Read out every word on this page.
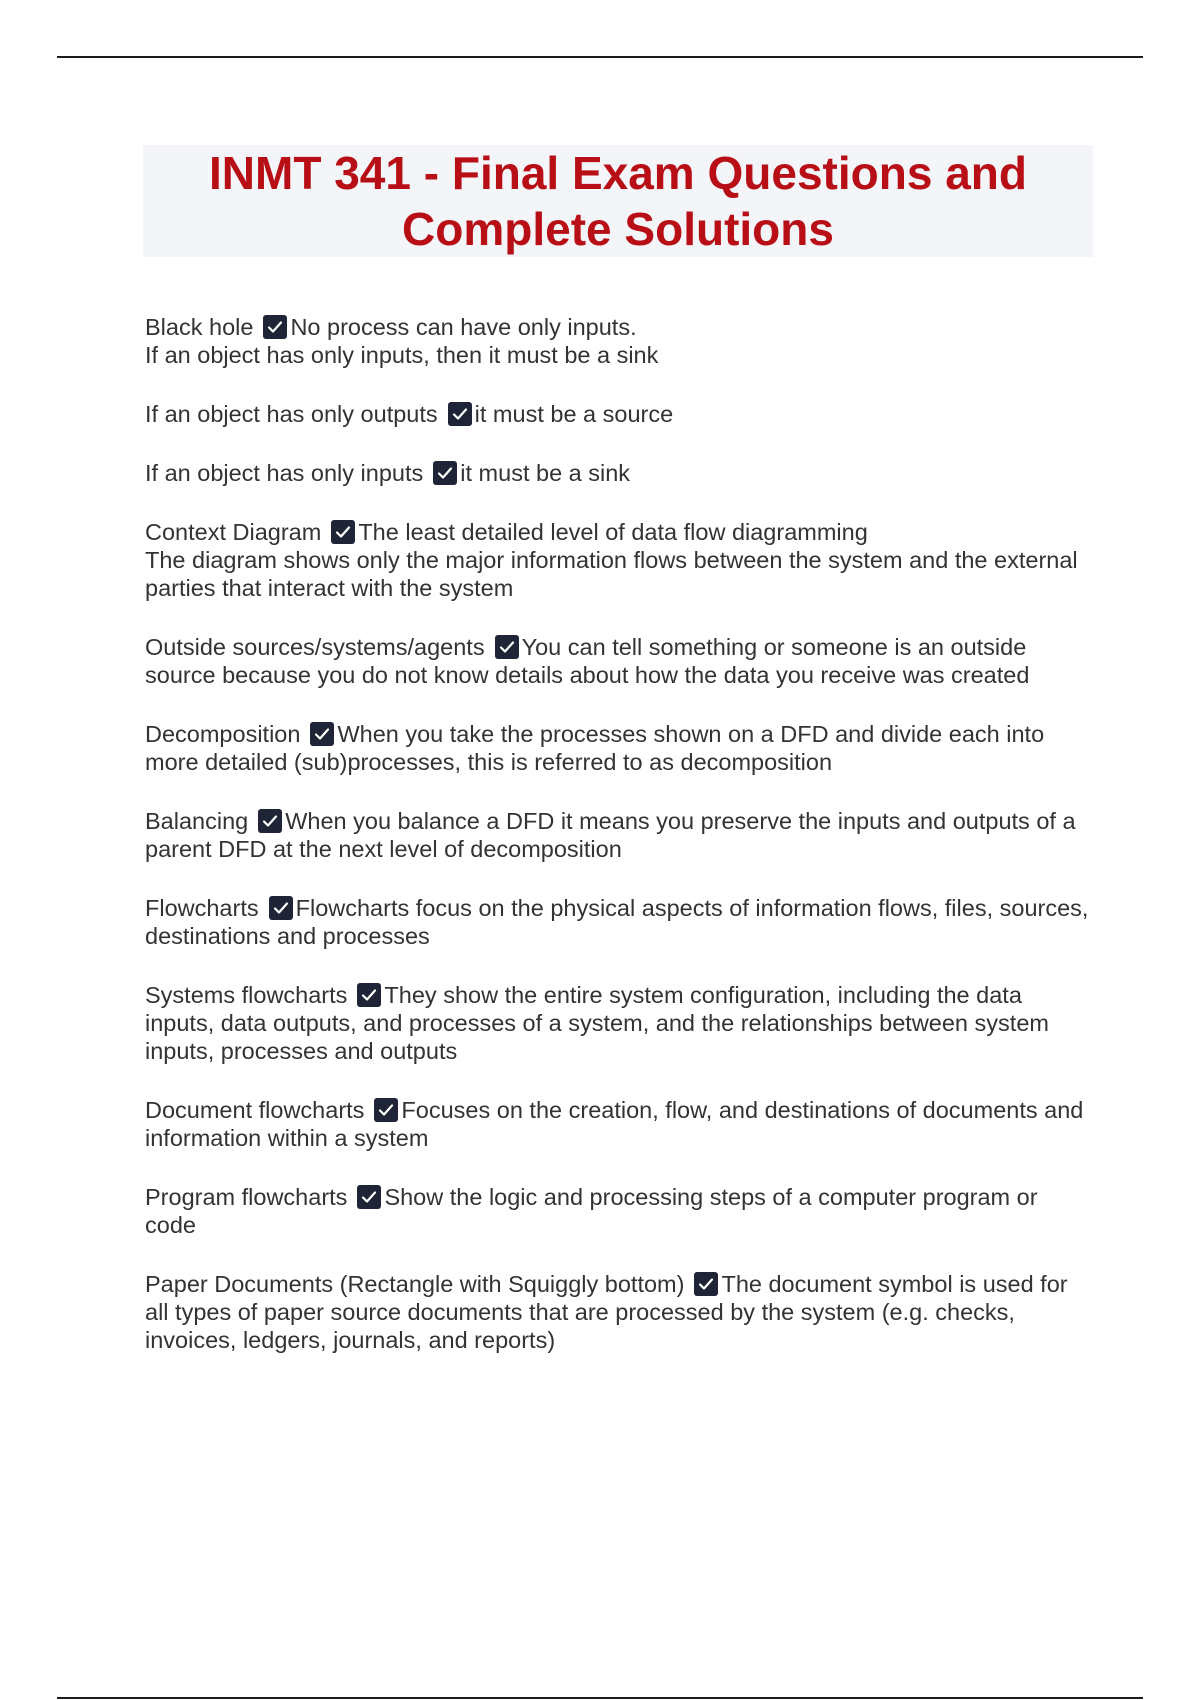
INMT 341 - Final Exam Questions and
Complete Solutions

Black hole No process can have only inputs.
If an object has only inputs, then it must be a sink

If an object has only outputs it must be a source

If an object has only inputs it must be a sink

Context Diagram The least detailed level of data flow diagramming
The diagram shows only the major information flows between the system and the external parties that interact with the system

Outside sources/systems/agents You can tell something or someone is an outside source because you do not know details about how the data you receive was created

Decomposition When you take the processes shown on a DFD and divide each into more detailed (sub)processes, this is referred to as decomposition

Balancing When you balance a DFD it means you preserve the inputs and outputs of a parent DFD at the next level of decomposition

Flowcharts Flowcharts focus on the physical aspects of information flows, files, sources, destinations and processes

Systems flowcharts They show the entire system configuration, including the data inputs, data outputs, and processes of a system, and the relationships between system inputs, processes and outputs

Document flowcharts Focuses on the creation, flow, and destinations of documents and information within a system

Program flowcharts Show the logic and processing steps of a computer program or code

Paper Documents (Rectangle with Squiggly bottom) The document symbol is used for all types of paper source documents that are processed by the system (e.g. checks, invoices, ledgers, journals, and reports)
